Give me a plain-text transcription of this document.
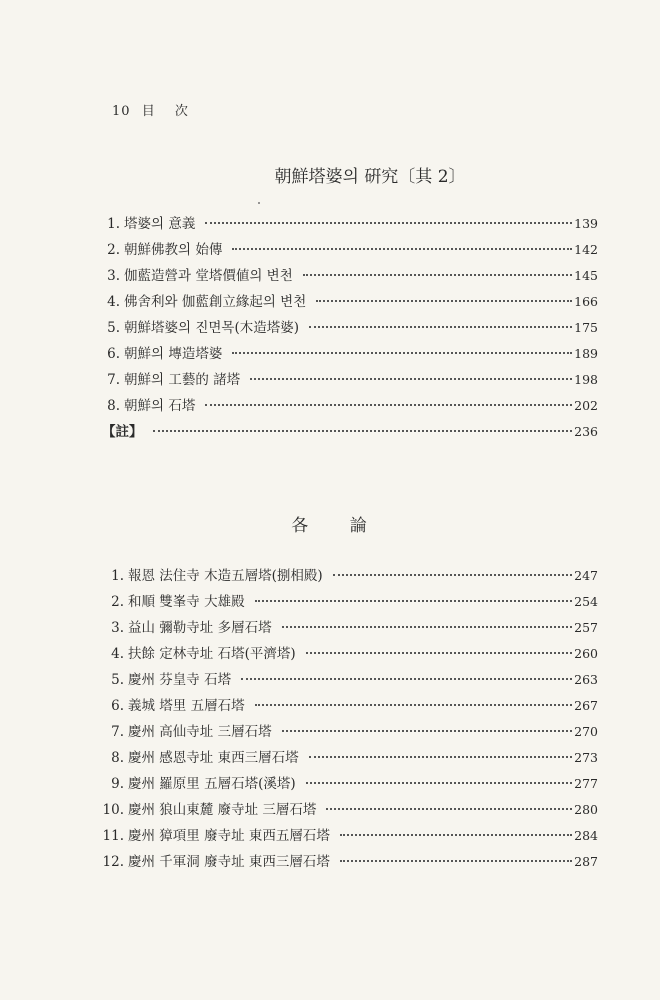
10 目 次
朝鮮塔婆의 硏究〔其 2〕
1. 塔婆의 意義	139
2. 朝鮮佛教의 始傳	142
3. 伽藍造營과 堂塔價値의 변천	145
4. 佛舍利와 伽藍創立緣起의 변천	166
5. 朝鮮塔婆의 진면목(木造塔婆)	175
6. 朝鮮의 塼造塔婆	189
7. 朝鮮의 工藝的 諸塔	198
8. 朝鮮의 石塔	202
【註】	236
各 論
1. 報恩 法住寺 木造五層塔(捌相殿)	247
2. 和順 雙峯寺 大雄殿	254
3. 益山 彌勒寺址 多層石塔	257
4. 扶餘 定林寺址 石塔(平濟塔)	260
5. 慶州 芬皇寺 石塔	263
6. 義城 塔里 五層石塔	267
7. 慶州 高仙寺址 三層石塔	270
8. 慶州 感恩寺址 東西三層石塔	273
9. 慶州 羅原里 五層石塔(溪塔)	277
10. 慶州 狼山東麓 廢寺址 三層石塔	280
11. 慶州 獐項里 廢寺址 東西五層石塔	284
12. 慶州 千軍洞 廢寺址 東西三層石塔	287
